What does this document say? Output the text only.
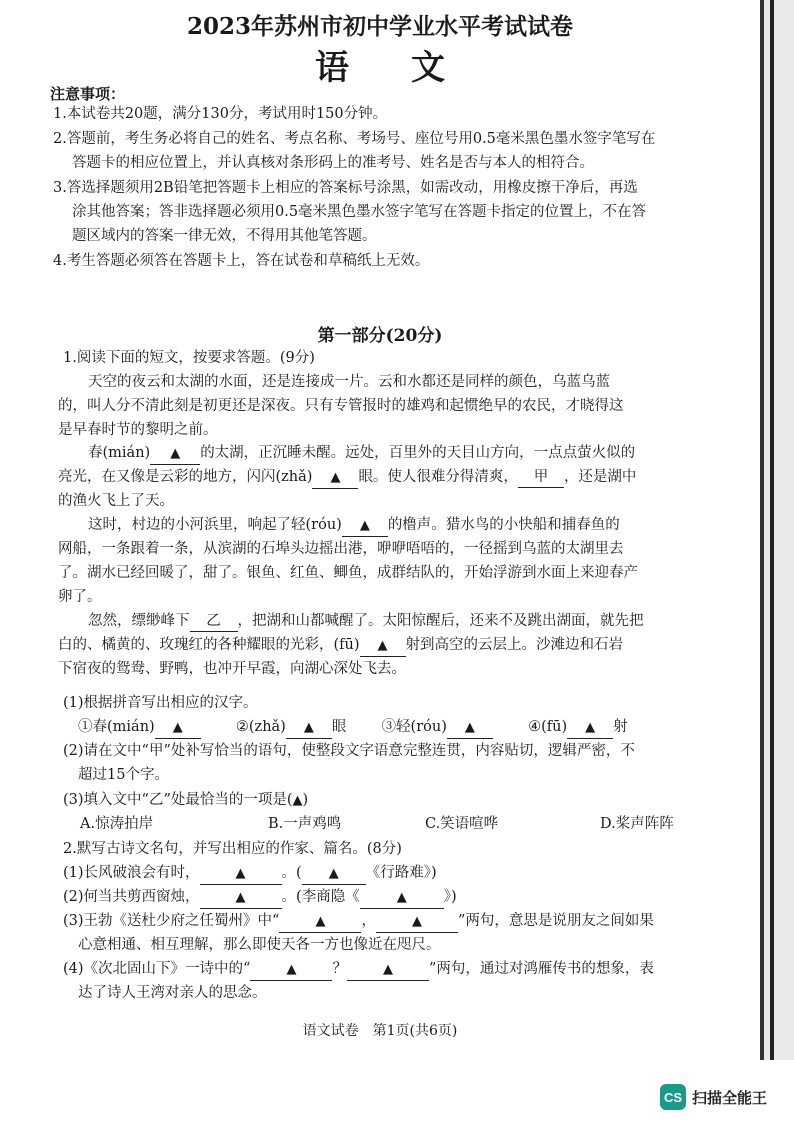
2023年苏州市初中学业水平考试试卷
语文
注意事项：
1.本试卷共20题，满分130分，考试用时150分钟。
2.答题前，考生务必将自己的姓名、考点名称、考场号、座位号用0.5毫米黑色墨水签字笔写在
答题卡的相应位置上，并认真核对条形码上的准考号、姓名是否与本人的相符合。
3.答选择题须用2B铅笔把答题卡上相应的答案标号涂黑，如需改动，用橡皮擦干净后，再选
涂其他答案；答非选择题必须用0.5毫米黑色墨水签字笔写在答题卡指定的位置上，不在答
题区域内的答案一律无效，不得用其他笔答题。
4.考生答题必须答在答题卡上，答在试卷和草稿纸上无效。
第一部分(20分)
1.阅读下面的短文，按要求答题。(9分)
天空的夜云和太湖的水面，还是连接成一片。云和水都还是同样的颜色，乌蓝乌蓝
的，叫人分不清此刻是初更还是深夜。只有专管报时的雄鸡和起惯绝早的农民，才晓得这
是早春时节的黎明之前。
春(mián) ▲ 的太湖，正沉睡未醒。远处，百里外的天目山方向，一点点萤火似的
亮光，在又像是云彩的地方，闪闪(zhǎ) ▲ 眼。使人很难分得清爽， 甲 ，还是湖中
的渔火飞上了天。
这时，村边的小河浜里，响起了轻(róu) ▲ 的橹声。猎水鸟的小快船和捕春鱼的
网船，一条跟着一条，从滨湖的石埠头边摇出港，咿咿唔唔的，一径摇到乌蓝的太湖里去
了。湖水已经回暖了，甜了。银鱼、红鱼、鲫鱼，成群结队的，开始浮游到水面上来迎春产
卵了。
忽然，缥缈峰下 乙 ，把湖和山都喊醒了。太阳惊醒后，还来不及跳出湖面，就先把
白的、橘黄的、玫瑰红的各种耀眼的光彩，(fū) ▲ 射到高空的云层上。沙滩边和石岩
下宿夜的鸳鸯、野鸭，也冲开早霞，向湖心深处飞去。
(1)根据拼音写出相应的汉字。
①春(mián) ▲	②(zhǎ) ▲ 眼 ③轻(róu) ▲	④(fū) ▲ 射
(2)请在文中“甲”处补写恰当的语句，使整段文字语意完整连贯，内容贴切，逻辑严密，不
超过15个字。
(3)填入文中“乙”处最恰当的一项是(▲)
A.惊涛拍岸	B.一声鸡鸣	C.笑语喧哗	D.桨声阵阵
2.默写古诗文名句，并写出相应的作家、篇名。(8分)
(1)长风破浪会有时，	▲ 。( ▲ 《行路难》)
(2)何当共剪西窗烛，	▲ 。(李商隐《	▲	》)
(3)王勃《送杜少府之任蜀州》中“	▲ ，	▲ ”两句，意思是说朋友之间如果
心意相通、相互理解，那么即使天各一方也像近在咫尺。
(4)《次北固山下》一诗中的“	▲ ？	▲ ”两句，通过对鸿雁传书的想象，表
达了诗人王湾对亲人的思念。
语文试卷　第1页(共6页)
CS 扫描全能王
